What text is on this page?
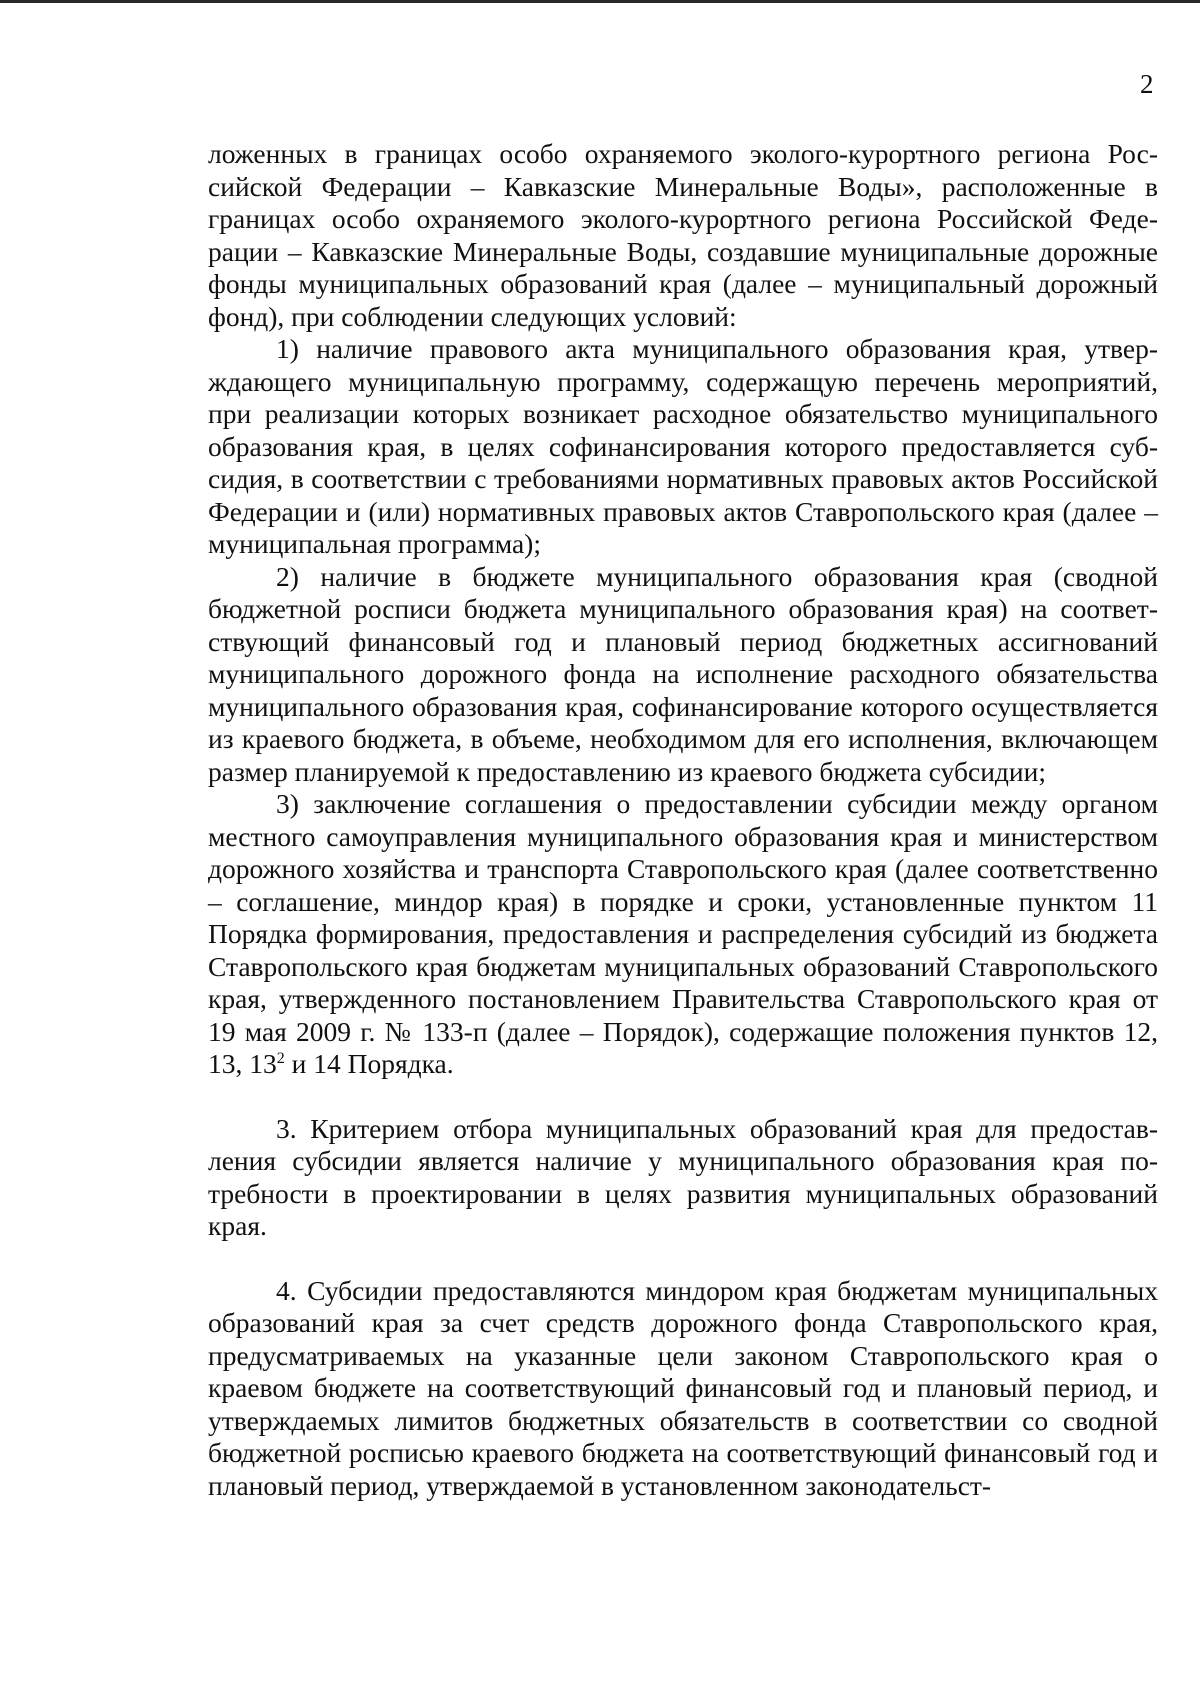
2

ложенных в границах особо охраняемого эколого-курортного региона Российской Федерации – Кавказские Минеральные Воды», расположенные в границах особо охраняемого эколого-курортного региона Российской Федерации – Кавказские Минеральные Воды, создавшие муниципальные дорожные фонды муниципальных образований края (далее – муниципальный дорожный фонд), при соблюдении следующих условий:

1) наличие правового акта муниципального образования края, утверждающего муниципальную программу, содержащую перечень мероприятий, при реализации которых возникает расходное обязательство муниципального образования края, в целях софинансирования которого предоставляется субсидия, в соответствии с требованиями нормативных правовых актов Российской Федерации и (или) нормативных правовых актов Ставропольского края (далее – муниципальная программа);

2) наличие в бюджете муниципального образования края (сводной бюджетной росписи бюджета муниципального образования края) на соответствующий финансовый год и плановый период бюджетных ассигнований муниципального дорожного фонда на исполнение расходного обязательства муниципального образования края, софинансирование которого осуществляется из краевого бюджета, в объеме, необходимом для его исполнения, включающем размер планируемой к предоставлению из краевого бюджета субсидии;

3) заключение соглашения о предоставлении субсидии между органом местного самоуправления муниципального образования края и министерством дорожного хозяйства и транспорта Ставропольского края (далее соответственно – соглашение, миндор края) в порядке и сроки, установленные пунктом 11 Порядка формирования, предоставления и распределения субсидий из бюджета Ставропольского края бюджетам муниципальных образований Ставропольского края, утвержденного постановлением Правительства Ставропольского края от 19 мая 2009 г. № 133-п (далее – Порядок), содержащие положения пунктов 12, 13, $13^2$ и 14 Порядка.

3. Критерием отбора муниципальных образований края для предоставления субсидии является наличие у муниципального образования края потребности в проектировании в целях развития муниципальных образований края.

4. Субсидии предоставляются миндором края бюджетам муниципальных образований края за счет средств дорожного фонда Ставропольского края, предусматриваемых на указанные цели законом Ставропольского края о краевом бюджете на соответствующий финансовый год и плановый период, и утверждаемых лимитов бюджетных обязательств в соответствии со сводной бюджетной росписью краевого бюджета на соответствующий финансовый год и плановый период, утверждаемой в установленном законодательст-
